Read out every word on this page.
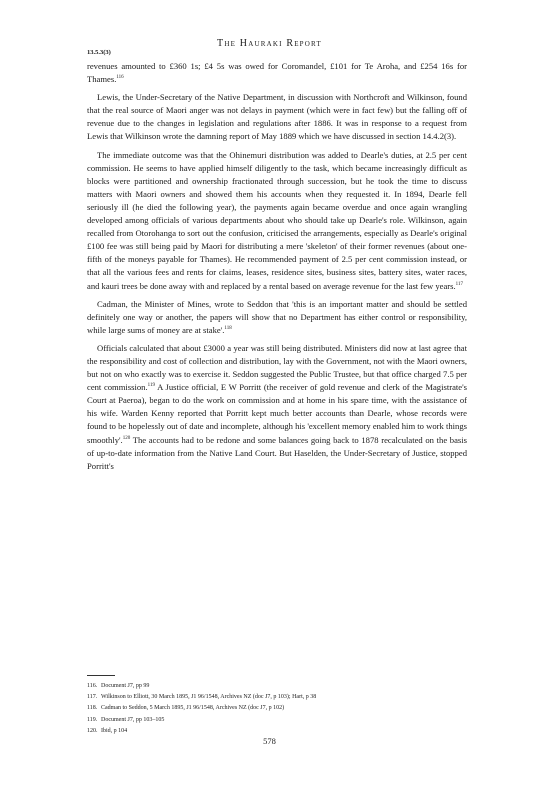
The Hauraki Report
13.5.3(3)

revenues amounted to £360 1s; £4 5s was owed for Coromandel, £101 for Te Aroha, and £254 16s for Thames.$^{116}$

Lewis, the Under-Secretary of the Native Department, in discussion with Northcroft and Wilkinson, found that the real source of Maori anger was not delays in payment (which were in fact few) but the falling off of revenue due to the changes in legislation and regulations after 1886. It was in response to a request from Lewis that Wilkinson wrote the damning report of May 1889 which we have discussed in section 14.4.2(3).

The immediate outcome was that the Ohinemuri distribution was added to Dearle's duties, at 2.5 per cent commission. He seems to have applied himself diligently to the task, which became increasingly difficult as blocks were partitioned and ownership fractionated through succession, but he took the time to discuss matters with Maori owners and showed them his accounts when they requested it. In 1894, Dearle fell seriously ill (he died the following year), the payments again became overdue and once again wrangling developed among officials of various departments about who should take up Dearle's role. Wilkinson, again recalled from Otorohanga to sort out the confusion, criticised the arrangements, especially as Dearle's original £100 fee was still being paid by Maori for distributing a mere 'skeleton' of their former revenues (about one-fifth of the moneys payable for Thames). He recommended payment of 2.5 per cent commission instead, or that all the various fees and rents for claims, leases, residence sites, business sites, battery sites, water races, and kauri trees be done away with and replaced by a rental based on average revenue for the last few years.$^{117}$

Cadman, the Minister of Mines, wrote to Seddon that 'this is an important matter and should be settled definitely one way or another, the papers will show that no Department has either control or responsibility, while large sums of money are at stake'.$^{118}$

Officials calculated that about £3000 a year was still being distributed. Ministers did now at last agree that the responsibility and cost of collection and distribution, lay with the Government, not with the Maori owners, but not on who exactly was to exercise it. Seddon suggested the Public Trustee, but that office charged 7.5 per cent commission.$^{119}$ A Justice official, E W Porritt (the receiver of gold revenue and clerk of the Magistrate's Court at Paeroa), began to do the work on commission and at home in his spare time, with the assistance of his wife. Warden Kenny reported that Porritt kept much better accounts than Dearle, whose records were found to be hopelessly out of date and incomplete, although his 'excellent memory enabled him to work things smoothly'.$^{120}$ The accounts had to be redone and some balances going back to 1878 recalculated on the basis of up-to-date information from the Native Land Court. But Haselden, the Under-Secretary of Justice, stopped Porritt's

116. Document J7, pp 99
117. Wilkinson to Elliott, 30 March 1895, J1 96/1548, Archives NZ (doc J7, p 103); Hart, p 38
118. Cadman to Seddon, 5 March 1895, J1 96/1548, Archives NZ (doc J7, p 102)
119. Document J7, pp 103–105
120. Ibid, p 104
578
